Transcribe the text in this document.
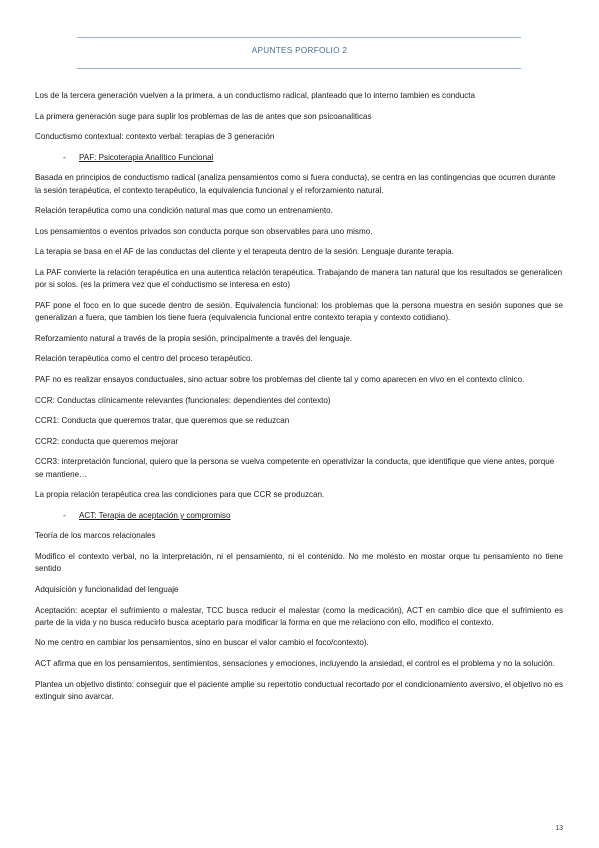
APUNTES PORFOLIO 2
Los de la tercera generación vuelven a la primera, a un conductismo radical, planteado que lo interno tambien es conducta
La primera generación suge para suplir los problemas de las de antes que son psicoanaliticas
Conductismo contextual: contexto verbal: terapias de 3 generación
-	PAF: Psicoterapia Analítico Funcional
Basada en principios de conductismo radical (analiza pensamientos como si fuera conducta), se centra en las contingencias que ocurren durante la sesión terapéutica, el contexto terapéutico, la equivalencia funcional y el reforzamiento natural.
Relación terapéutica como una condición natural mas que como un entrenamiento.
Los pensamientos o eventos privados son conducta porque son observables para uno mismo.
La terapia se basa en el AF de las conductas del cliente y el terapeuta dentro de la sesión. Lenguaje durante terapia.
La PAF convierte la relación terapéutica en una autentica relación terapéutica. Trabajando de manera tan natural que los resultados se generalicen por si solos. (es la primera vez que el conductismo se interesa en esto)
PAF pone el foco en lo que sucede dentro de sesión. Equivalencia funcional: los problemas que la persona muestra en sesión supones que se generalizan a fuera, que tambien los tiene fuera (equivalencia funcional entre contexto terapia y contexto cotidiano).
Reforzamiento natural a través de la propia sesión, principalmente a través del lenguaje.
Relación terapéutica como el centro del proceso terapéutico.
PAF no es realizar ensayos conductuales, sino actuar sobre los problemas del cliente tal y como aparecen en vivo en el contexto clínico.
CCR: Conductas clínicamente relevantes (funcionales: dependientes del contexto)
CCR1: Conducta que queremos tratar, que queremos que se reduzcan
CCR2: conducta que queremos mejorar
CCR3: interpretación funcional, quiero que la persona se vuelva competente en operativizar la conducta, que identifique que viene antes, porque se mantiene…
La propia relación terapéutica crea las condiciones para que CCR se produzcan.
-	ACT: Terapia de aceptación y compromiso
Teoría de los marcos relacionales
Modifico el contexto verbal, no la interpretación, ni el pensamiento, ni el contenido. No me molesto en mostar orque tu pensamiento no tiene sentido
Adquisición y funcionalidad del lenguaje
Aceptación: aceptar el sufrimiento o malestar, TCC busca reducir el malestar (como la medicación), ACT en cambio dice que el sufrimiento es parte de la vida y no busca reducirlo busca aceptarlo para modificar la forma en que me relaciono con ello, modifico el contexto.
No me centro en cambiar los pensamientos, sino en buscar el valor cambio el foco/contexto).
ACT afirma que en los pensamientos, sentimientos, sensaciones y emociones, incluyendo la ansiedad, el control es el problema y no la solución.
Plantea un objetivo distinto: conseguir que el paciente amplie su repertotio conductual recortado por el condicionamiento aversivo, el objetivo no es extinguir sino avarcar.
13
